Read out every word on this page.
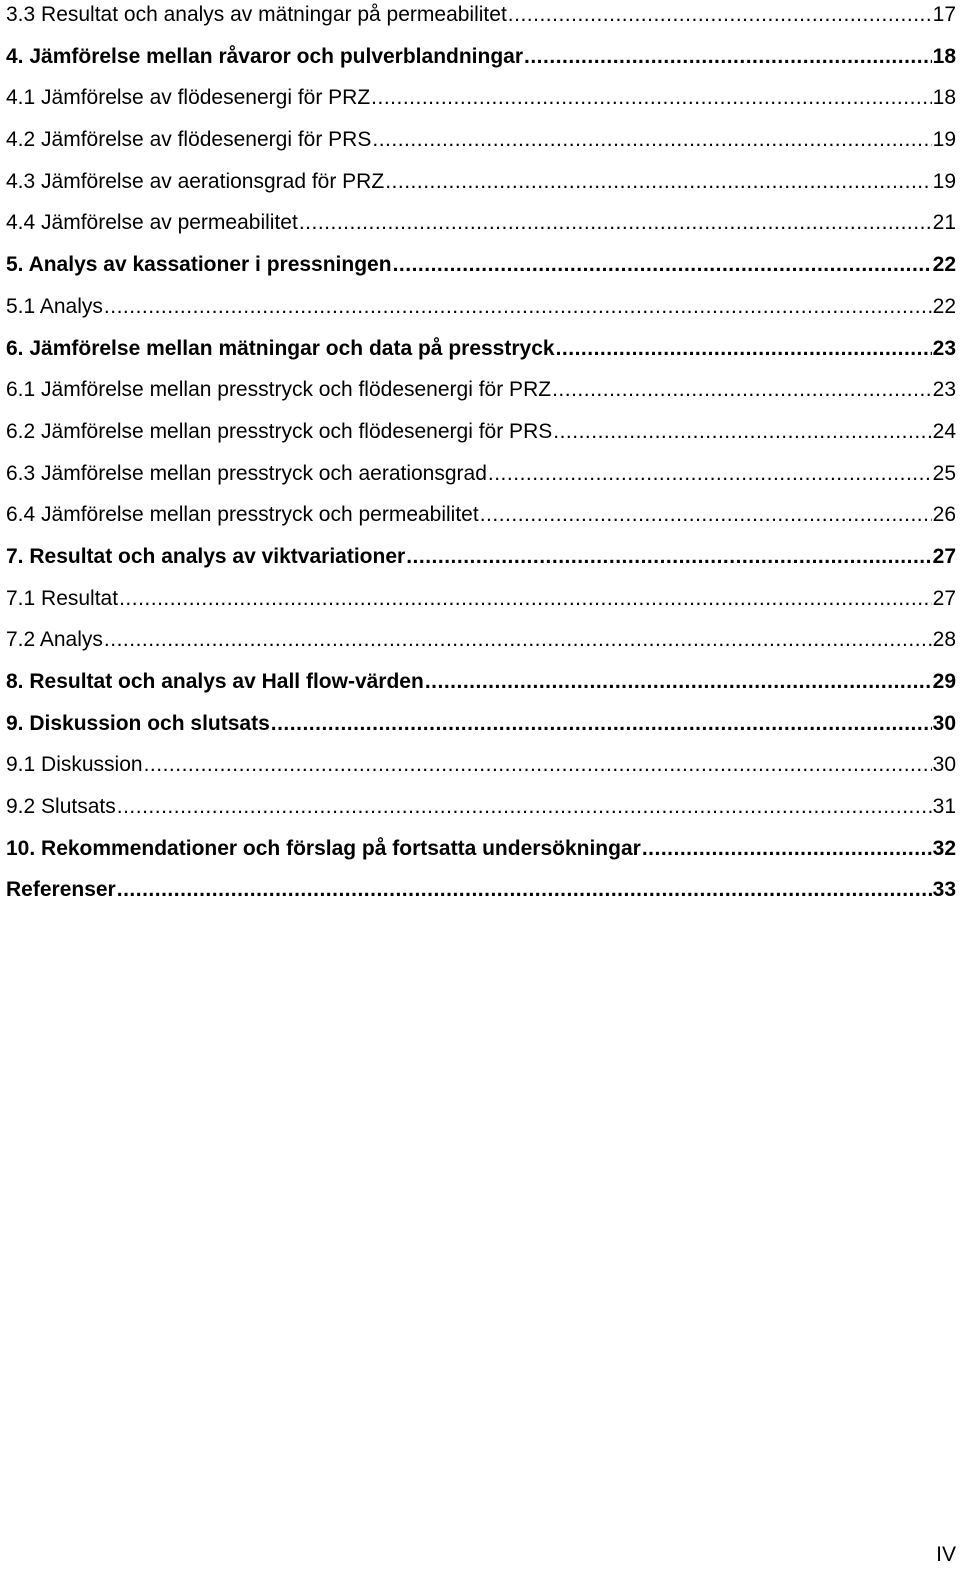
3.3 Resultat och analys av mätningar på permeabilitet .....	17
4. Jämförelse mellan råvaror och pulverblandningar .....	18
4.1 Jämförelse av flödesenergi för PRZ .....	18
4.2 Jämförelse av flödesenergi för PRS .....	19
4.3 Jämförelse av aerationsgrad för PRZ .....	19
4.4 Jämförelse av permeabilitet .....	21
5. Analys av kassationer i pressningen .....	22
5.1 Analys .....	22
6. Jämförelse mellan mätningar och data på presstryck .....	23
6.1 Jämförelse mellan presstryck och flödesenergi för PRZ .....	23
6.2 Jämförelse mellan presstryck och flödesenergi för PRS .....	24
6.3 Jämförelse mellan presstryck och aerationsgrad .....	25
6.4 Jämförelse mellan presstryck och permeabilitet .....	26
7. Resultat och analys av viktvariationer .....	27
7.1 Resultat .....	27
7.2 Analys .....	28
8. Resultat och analys av Hall flow-värden .....	29
9. Diskussion och slutsats .....	30
9.1 Diskussion .....	30
9.2 Slutsats .....	31
10. Rekommendationer och förslag på fortsatta undersökningar .....	32
Referenser .....	33
IV
